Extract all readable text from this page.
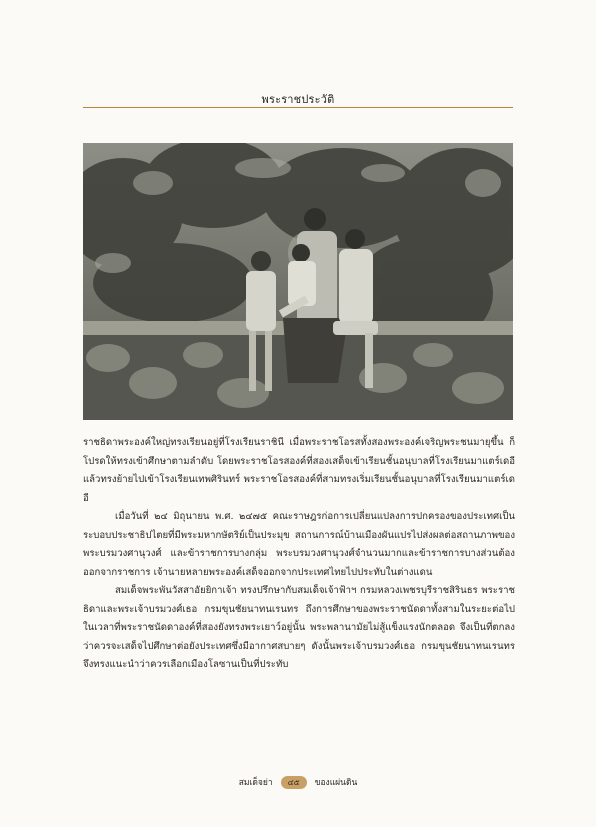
พระราชประวัติ

ราชธิดาพระองค์ใหญ่ทรงเรียนอยู่ที่โรงเรียนราชินี เมื่อพระราชโอรสทั้งสองพระองค์เจริญพระชนมายุขึ้น ก็โปรดให้ทรงเข้าศึกษาตามลำดับ โดยพระราชโอรสองค์ที่สองเสด็จเข้าเรียนชั้นอนุบาลที่โรงเรียนมาแตร์เดอี แล้วทรงย้ายไปเข้าโรงเรียนเทพศิรินทร์ พระราชโอรสองค์ที่สามทรงเริ่มเรียนชั้นอนุบาลที่โรงเรียนมาแตร์เดอี

เมื่อวันที่ ๒๔ มิถุนายน พ.ศ. ๒๔๗๕ คณะราษฎรก่อการเปลี่ยนแปลงการปกครองของประเทศเป็นระบอบประชาธิปไตยที่มีพระมหากษัตริย์เป็นประมุข สถานการณ์บ้านเมืองผันแปรไปส่งผลต่อสถานภาพของพระบรมวงศานุวงศ์ และข้าราชการบางกลุ่ม พระบรมวงศานุวงศ์จำนวนมากและข้าราชการบางส่วนต้องออกจากราชการ เจ้านายหลายพระองค์เสด็จออกจากประเทศไทยไปประทับในต่างแดน

สมเด็จพระพันวัสสาอัยยิกาเจ้า ทรงปรึกษากับสมเด็จเจ้าฟ้าฯ กรมหลวงเพชรบุรีราชสิรินธร พระราชธิดาและพระเจ้าบรมวงศ์เธอ กรมขุนชัยนาทนเรนทร ถึงการศึกษาของพระราชนัดดาทั้งสามในระยะต่อไป ในเวลาที่พระราชนัดดาองค์ที่สองยังทรงพระเยาว์อยู่นั้น พระพลานามัยไม่สู้แข็งแรงนักตลอด จึงเป็นที่ตกลงว่าควรจะเสด็จไปศึกษาต่อยังประเทศซึ่งมีอากาศสบายๆ ดังนั้นพระเจ้าบรมวงศ์เธอ กรมขุนชัยนาทนเรนทร จึงทรงแนะนำว่าควรเลือกเมืองโลซานเป็นที่ประทับ

สมเด็จย่า	๔๕	ของแผ่นดิน
